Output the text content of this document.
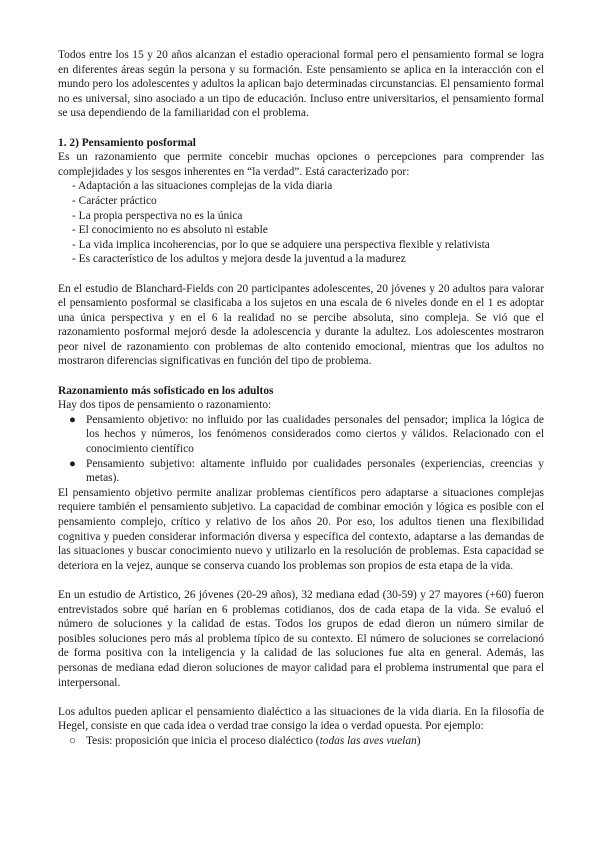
Todos entre los 15 y 20 años alcanzan el estadio operacional formal pero el pensamiento formal se logra en diferentes áreas según la persona y su formación. Este pensamiento se aplica en la interacción con el mundo pero los adolescentes y adultos la aplican bajo determinadas circunstancias. El pensamiento formal no es universal, sino asociado a un tipo de educación. Incluso entre universitarios, el pensamiento formal se usa dependiendo de la familiaridad con el problema.

1. 2) Pensamiento posformal

Es un razonamiento que permite concebir muchas opciones o percepciones para comprender las complejidades y los sesgos inherentes en “la verdad”. Está caracterizado por:

- Adaptación a las situaciones complejas de la vida diaria
- Carácter práctico
- La propia perspectiva no es la única
- El conocimiento no es absoluto ni estable
- La vida implica incoherencias, por lo que se adquiere una perspectiva flexible y relativista
- Es característico de los adultos y mejora desde la juventud a la madurez

En el estudio de Blanchard-Fields con 20 participantes adolescentes, 20 jóvenes y 20 adultos para valorar el pensamiento posformal se clasificaba a los sujetos en una escala de 6 niveles donde en el 1 es adoptar una única perspectiva y en el 6 la realidad no se percibe absoluta, sino compleja. Se vió que el razonamiento posformal mejoró desde la adolescencia y durante la adultez. Los adolescentes mostraron peor nivel de razonamiento con problemas de alto contenido emocional, mientras que los adultos no mostraron diferencias significativas en función del tipo de problema.

Razonamiento más sofisticado en los adultos

Hay dos tipos de pensamiento o razonamiento:

● Pensamiento objetivo: no influido por las cualidades personales del pensador; implica la lógica de los hechos y números, los fenómenos considerados como ciertos y válidos. Relacionado con el conocimiento científico
● Pensamiento subjetivo: altamente influido por cualidades personales (experiencias, creencias y metas).

El pensamiento objetivo permite analizar problemas científicos pero adaptarse a situaciones complejas requiere también el pensamiento subjetivo. La capacidad de combinar emoción y lógica es posible con el pensamiento complejo, crítico y relativo de los años 20. Por eso, los adultos tienen una flexibilidad cognitiva y pueden considerar información diversa y específica del contexto, adaptarse a las demandas de las situaciones y buscar conocimiento nuevo y utilizarlo en la resolución de problemas. Esta capacidad se deteriora en la vejez, aunque se conserva cuando los problemas son propios de esta etapa de la vida.

En un estudio de Artistico, 26 jóvenes (20-29 años), 32 mediana edad (30-59) y 27 mayores (+60) fueron entrevistados sobre qué harían en 6 problemas cotidianos, dos de cada etapa de la vida. Se evaluó el número de soluciones y la calidad de estas. Todos los grupos de edad dieron un número similar de posibles soluciones pero más al problema típico de su contexto. El número de soluciones se correlacionó de forma positiva con la inteligencia y la calidad de las soluciones fue alta en general. Además, las personas de mediana edad dieron soluciones de mayor calidad para el problema instrumental que para el interpersonal.

Los adultos pueden aplicar el pensamiento dialéctico a las situaciones de la vida diaria. En la filosofía de Hegel, consiste en que cada idea o verdad trae consigo la idea o verdad opuesta. Por ejemplo:

○ Tesis: proposición que inicia el proceso dialéctico (todas las aves vuelan)
